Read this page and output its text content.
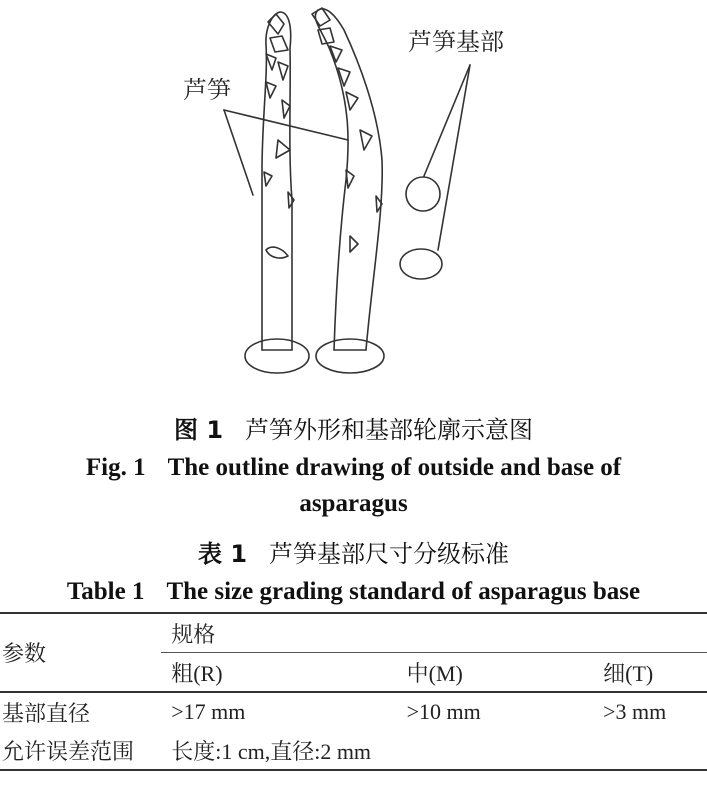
芦笋
芦笋基部
图 1 芦笋外形和基部轮廓示意图
Fig. 1 The outline drawing of outside and base of
asparagus
表 1 芦笋基部尺寸分级标准
Table 1 The size grading standard of asparagus base
参数	规格		
	粗(R)	中(M)	细(T)
基部直径	>17 mm	>10 mm	>3 mm
允许误差范围	长度:1 cm,直径:2 mm		
